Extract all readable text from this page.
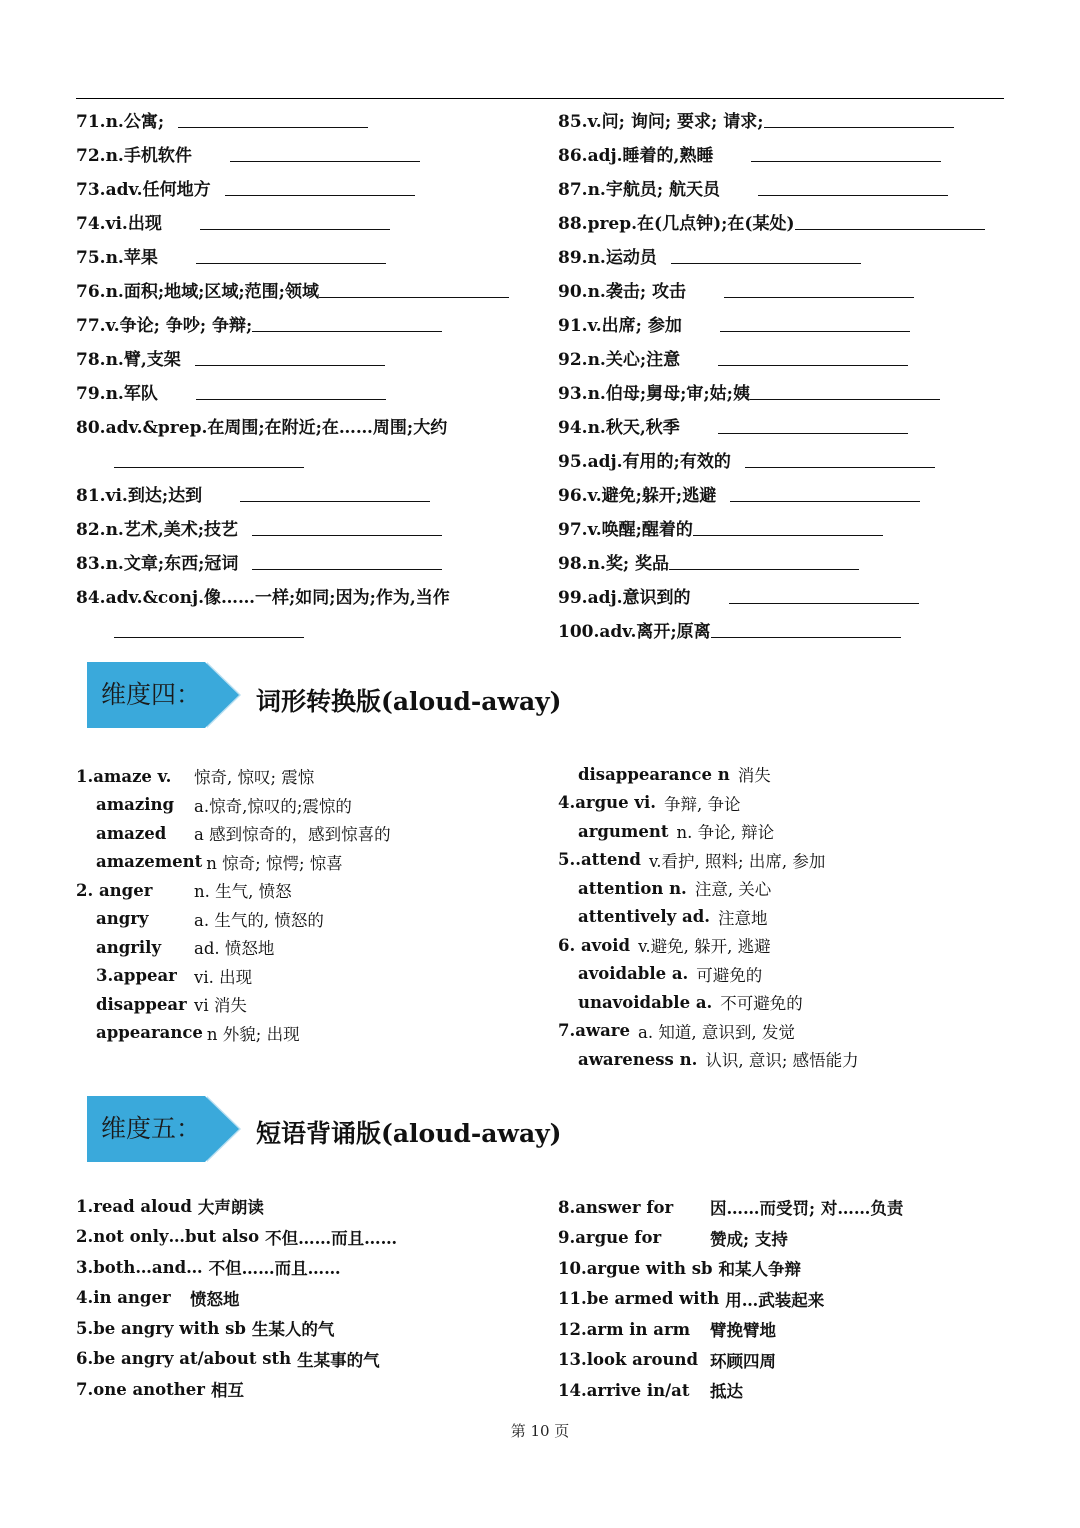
71.n.公寓;
72.n.手机软件
73.adv.任何地方
74.vi.出现
75.n.苹果
76.n.面积;地域;区域;范围;领域
77.v.争论; 争吵; 争辩;
78.n.臂,支架
79.n.军队
80.adv.&prep.在周围;在附近;在……周围;大约
81.vi.到达;达到
82.n.艺术,美术;技艺
83.n.文章;东西;冠词
84.adv.&conj.像……一样;如同;因为;作为,当作
85.v.问; 询问; 要求; 请求;
86.adj.睡着的,熟睡
87.n.宇航员; 航天员
88.prep.在(几点钟);在(某处)
89.n.运动员
90.n.袭击; 攻击
91.v.出席; 参加
92.n.关心;注意
93.n.伯母;舅母;审;姑;姨
94.n.秋天,秋季
95.adj.有用的;有效的
96.v.避免;躲开;逃避
97.v.唤醒;醒着的
98.n.奖; 奖品
99.adj.意识到的
100.adv.离开;原离
维度四： 词形转换版(aloud-away)
1.amaze v.	惊奇, 惊叹; 震惊
amazing	a.惊奇,惊叹的;震惊的
amazed	a 感到惊奇的，感到惊喜的
amazement n 惊奇; 惊愕; 惊喜
2. anger	n. 生气, 愤怒
angry	a. 生气的, 愤怒的
angrily	ad. 愤怒地
3.appear	vi. 出现
disappear vi 消失
appearance n 外貌; 出现
disappearance n 消失
4.argue vi. 争辩, 争论
argument n. 争论, 辩论
5..attend v.看护, 照料; 出席, 参加
attention n. 注意, 关心
attentively ad. 注意地
6. avoid v.避免, 躲开, 逃避
avoidable a. 可避免的
unavoidable a. 不可避免的
7.aware a. 知道, 意识到, 发觉
awareness n. 认识, 意识; 感悟能力
维度五： 短语背诵版(aloud-away)
1.read aloud 大声朗读
2.not only…but also 不但……而且……
3.both…and… 不但……而且……
4.in anger	愤怒地
5.be angry with sb 生某人的气
6.be angry at/about sth 生某事的气
7.one another 相互
8.answer for	因……而受罚; 对……负责
9.argue for	赞成; 支持
10.argue with sb 和某人争辩
11.be armed with 用…武装起来
12.arm in arm	臂挽臂地
13.look around 环顾四周
14.arrive in/at	抵达
第 10 页
